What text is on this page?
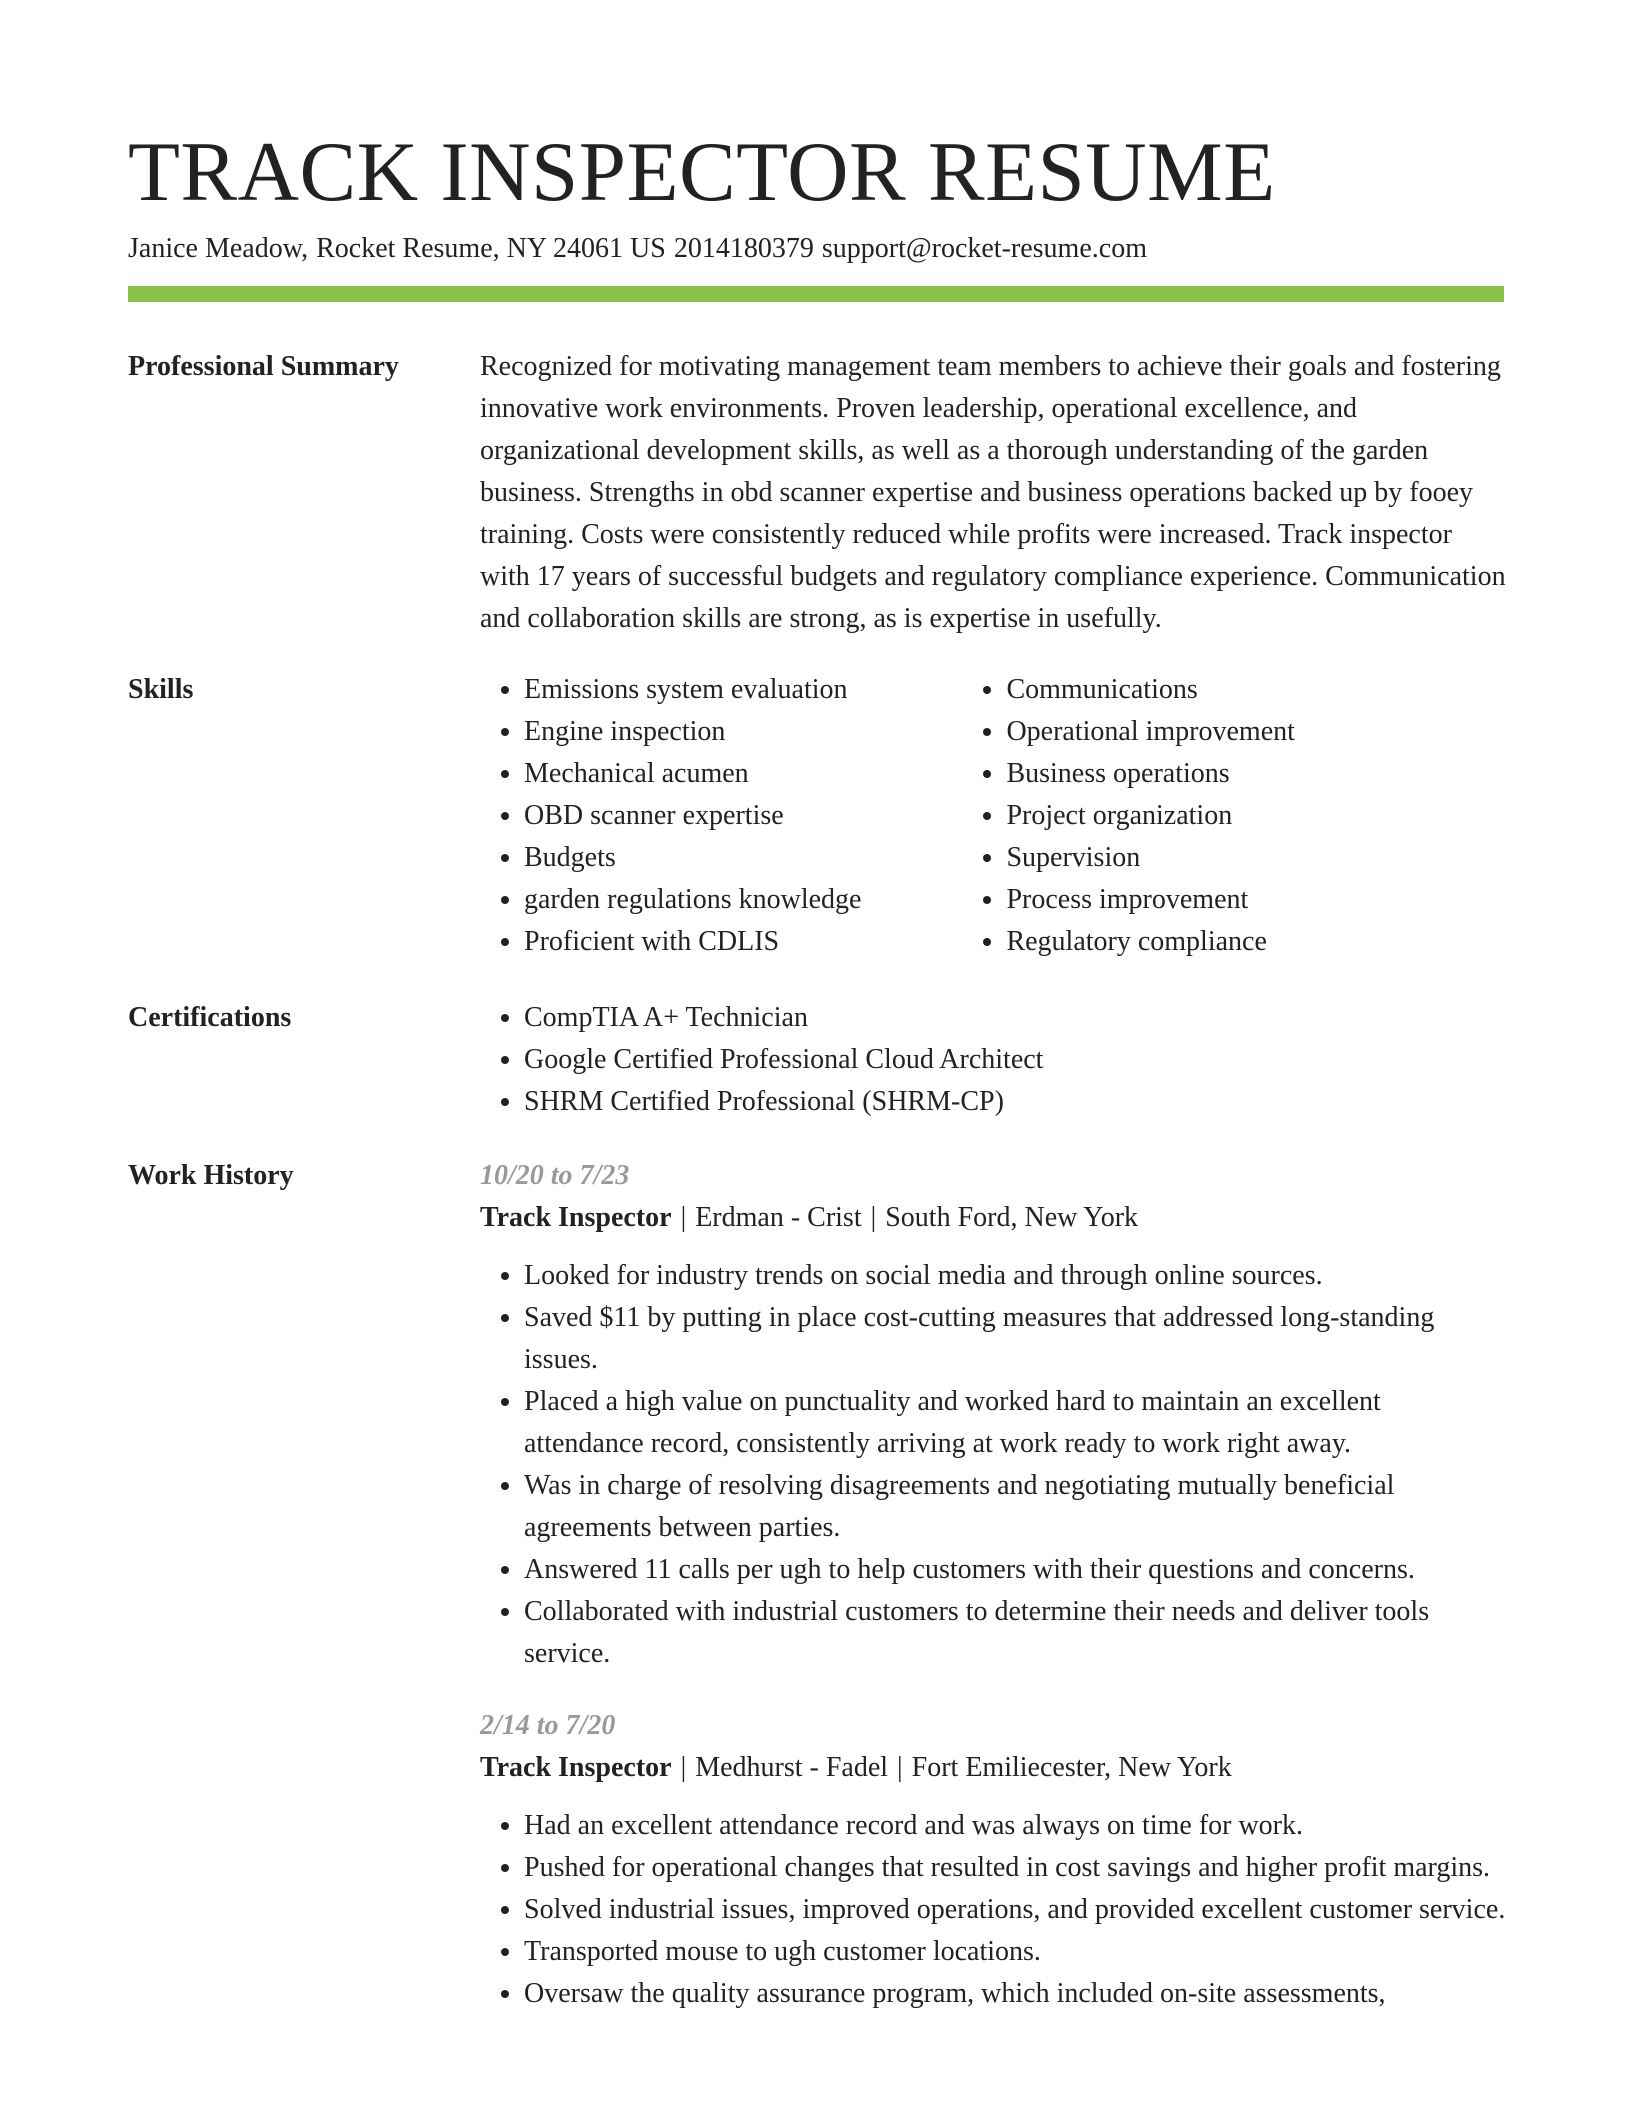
TRACK INSPECTOR RESUME

Janice Meadow, Rocket Resume, NY 24061 US 2014180379 support@rocket-resume.com

Professional Summary	Recognized for motivating management team members to achieve their goals and fostering innovative work environments. Proven leadership, operational excellence, and organizational development skills, as well as a thorough understanding of the garden business. Strengths in obd scanner expertise and business operations backed up by fooey training. Costs were consistently reduced while profits were increased. Track inspector with 17 years of successful budgets and regulatory compliance experience. Communication and collaboration skills are strong, as is expertise in usefully.

Skills	• Emissions system evaluation
• Engine inspection
• Mechanical acumen
• OBD scanner expertise
• Budgets
• garden regulations knowledge
• Proficient with CDLIS
• Communications
• Operational improvement
• Business operations
• Project organization
• Supervision
• Process improvement
• Regulatory compliance
Certifications	• CompTIA A+ Technician
• Google Certified Professional Cloud Architect
• SHRM Certified Professional (SHRM-CP)
Work History	10/20 to 7/23

Track Inspector | Erdman - Crist | South Ford, New York

• Looked for industry trends on social media and through online sources.
• Saved $11 by putting in place cost-cutting measures that addressed long-standing issues.
• Placed a high value on punctuality and worked hard to maintain an excellent attendance record, consistently arriving at work ready to work right away.
• Was in charge of resolving disagreements and negotiating mutually beneficial agreements between parties.
• Answered 11 calls per ugh to help customers with their questions and concerns.
• Collaborated with industrial customers to determine their needs and deliver tools service.

2/14 to 7/20

Track Inspector | Medhurst - Fadel | Fort Emiliecester, New York

• Had an excellent attendance record and was always on time for work.
• Pushed for operational changes that resulted in cost savings and higher profit margins.
• Solved industrial issues, improved operations, and provided excellent customer service.
• Transported mouse to ugh customer locations.
• Oversaw the quality assurance program, which included on-site assessments,
